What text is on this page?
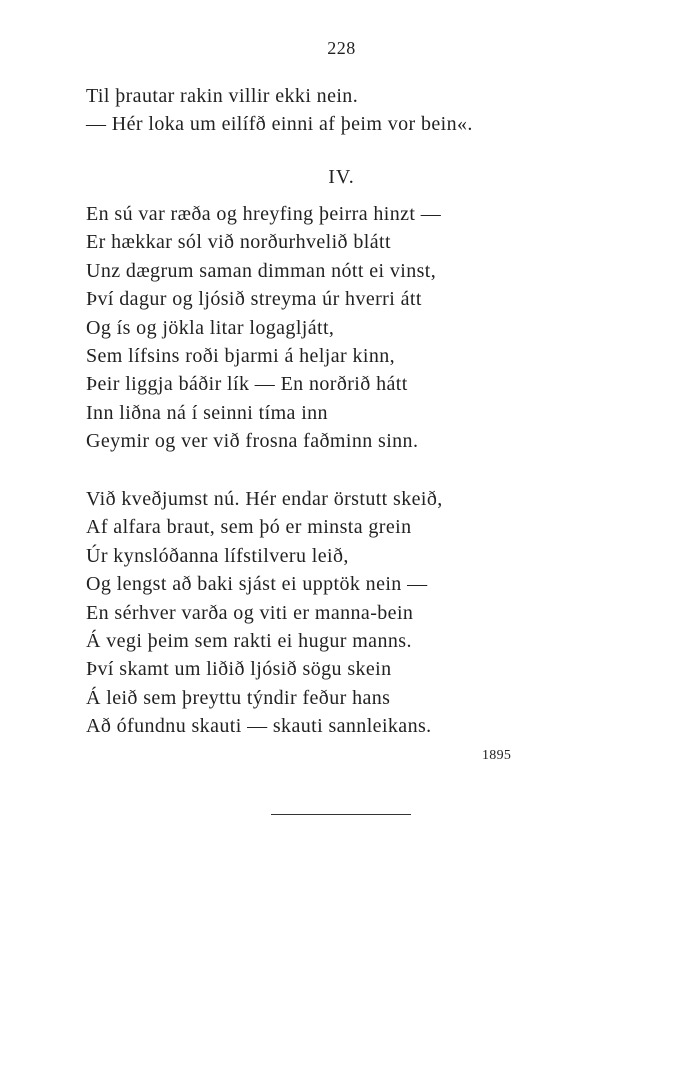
228
Til þrautar rakin villir ekki nein.
— Hér loka um eilífð einni af þeim vor bein«.
IV.
En sú var ræða og hreyfing þeirra hinzt —
Er hækkar sól við norðurhvelið blátt
Unz dægrum saman dimman nótt ei vinst,
Því dagur og ljósið streyma úr hverri átt
Og ís og jökla litar logagljátt,
Sem lífsins roði bjarmi á heljar kinn,
Þeir liggja báðir lík — En norðrið hátt
Inn liðna ná í seinni tíma inn
Geymir og ver við frosna faðminn sinn.
Við kveðjumst nú. Hér endar örstutt skeið,
Af alfara braut, sem þó er minsta grein
Úr kynslóðanna lífstilveru leið,
Og lengst að baki sjást ei upptök nein —
En sérhver varða og viti er manna-bein
Á vegi þeim sem rakti ei hugur manns.
Því skamt um liðið ljósið sögu skein
Á leið sem þreyttu týndir feður hans
Að ófundnu skauti — skauti sannleikans.
1895
